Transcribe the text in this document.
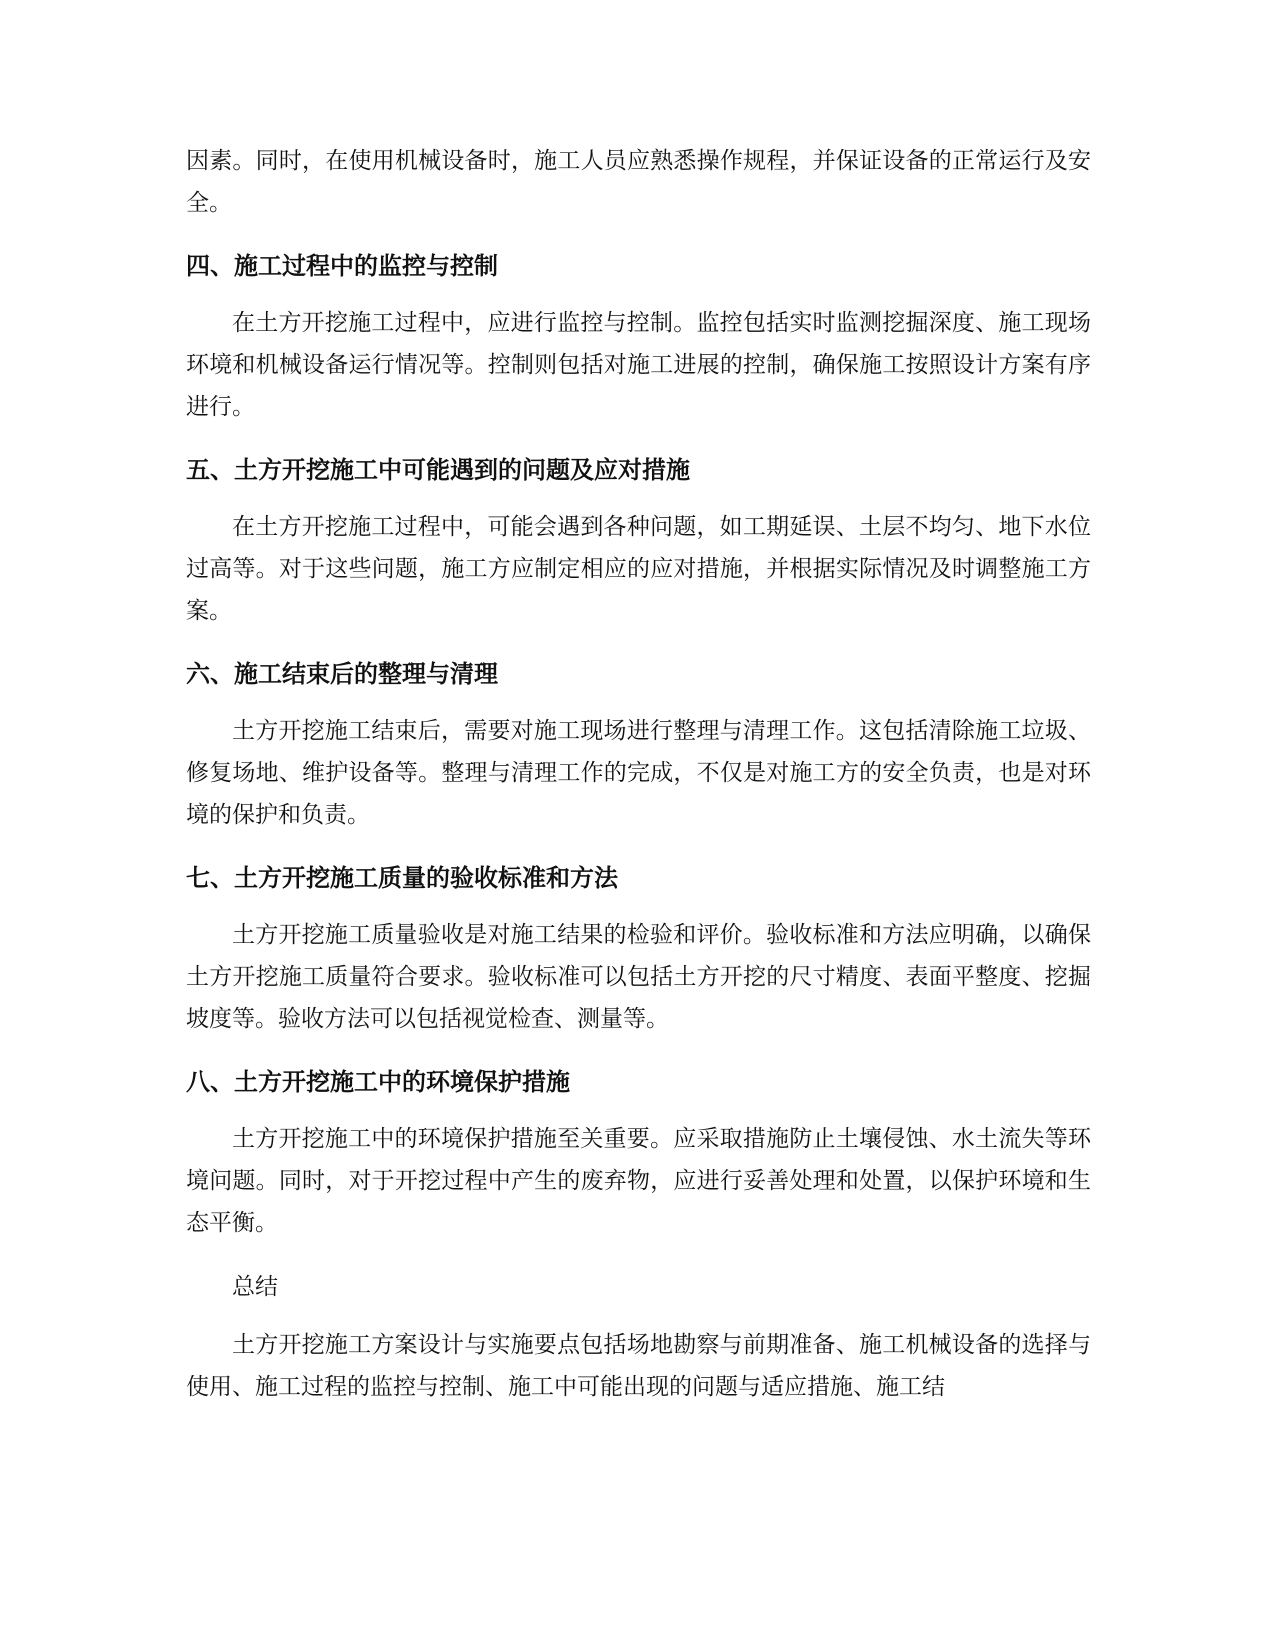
因素。同时，在使用机械设备时，施工人员应熟悉操作规程，并保证设备的正常运行及安全。

四、施工过程中的监控与控制

在土方开挖施工过程中，应进行监控与控制。监控包括实时监测挖掘深度、施工现场环境和机械设备运行情况等。控制则包括对施工进展的控制，确保施工按照设计方案有序进行。

五、土方开挖施工中可能遇到的问题及应对措施

在土方开挖施工过程中，可能会遇到各种问题，如工期延误、土层不均匀、地下水位过高等。对于这些问题，施工方应制定相应的应对措施，并根据实际情况及时调整施工方案。

六、施工结束后的整理与清理

土方开挖施工结束后，需要对施工现场进行整理与清理工作。这包括清除施工垃圾、修复场地、维护设备等。整理与清理工作的完成，不仅是对施工方的安全负责，也是对环境的保护和负责。

七、土方开挖施工质量的验收标准和方法

土方开挖施工质量验收是对施工结果的检验和评价。验收标准和方法应明确，以确保土方开挖施工质量符合要求。验收标准可以包括土方开挖的尺寸精度、表面平整度、挖掘坡度等。验收方法可以包括视觉检查、测量等。

八、土方开挖施工中的环境保护措施

土方开挖施工中的环境保护措施至关重要。应采取措施防止土壤侵蚀、水土流失等环境问题。同时，对于开挖过程中产生的废弃物，应进行妥善处理和处置，以保护环境和生态平衡。

总结

土方开挖施工方案设计与实施要点包括场地勘察与前期准备、施工机械设备的选择与使用、施工过程的监控与控制、施工中可能出现的问题与适应措施、施工结
